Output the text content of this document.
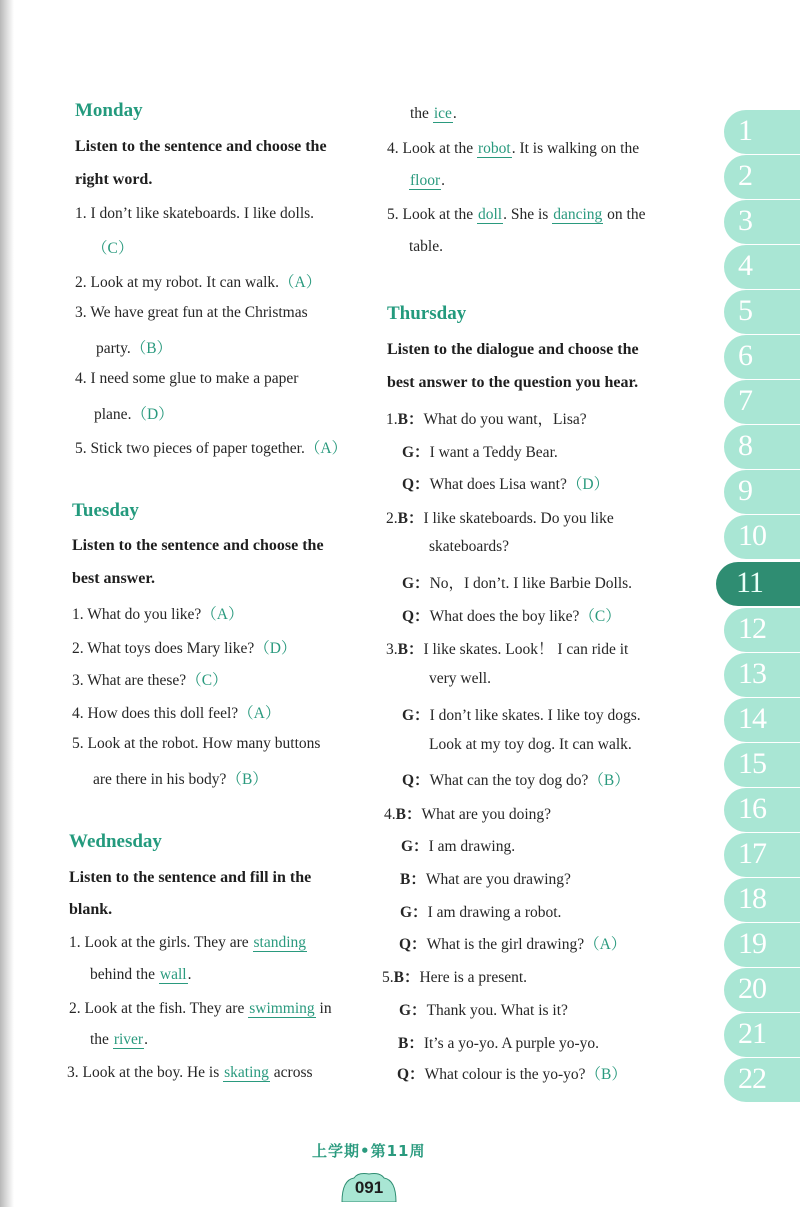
Monday
Listen to the sentence and choose the
right word.
1. I don’t like skateboards. I like dolls.
（C）
2. Look at my robot. It can walk.（A）
3. We have great fun at the Christmas
party.（B）
4. I need some glue to make a paper
plane.（D）
5. Stick two pieces of paper together.（A）
Tuesday
Listen to the sentence and choose the
best answer.
1. What do you like?（A）
2. What toys does Mary like?（D）
3. What are these?（C）
4. How does this doll feel?（A）
5. Look at the robot. How many buttons
are there in his body?（B）
Wednesday
Listen to the sentence and fill in the
blank.
1. Look at the girls. They are standing
behind the wall.
2. Look at the fish. They are swimming in
the river.
3. Look at the boy. He is skating across
the ice.
4. Look at the robot. It is walking on the
floor.
5. Look at the doll. She is dancing on the
table.
Thursday
Listen to the dialogue and choose the
best answer to the question you hear.
1.B：What do you want，Lisa?
G：I want a Teddy Bear.
Q：What does Lisa want?（D）
2.B：I like skateboards. Do you like
skateboards?
G：No，I don’t. I like Barbie Dolls.
Q：What does the boy like?（C）
3.B：I like skates. Look！ I can ride it
very well.
G：I don’t like skates. I like toy dogs.
Look at my toy dog. It can walk.
Q：What can the toy dog do?（B）
4.B：What are you doing?
G：I am drawing.
B：What are you drawing?
G：I am drawing a robot.
Q：What is the girl drawing?（A）
5.B：Here is a present.
G：Thank you. What is it?
B：It’s a yo-yo. A purple yo-yo.
Q：What colour is the yo-yo?（B）
1
2
3
4
5
6
7
8
9
10
11
12
13
14
15
16
17
18
19
20
21
22
上学期•第11周
091
